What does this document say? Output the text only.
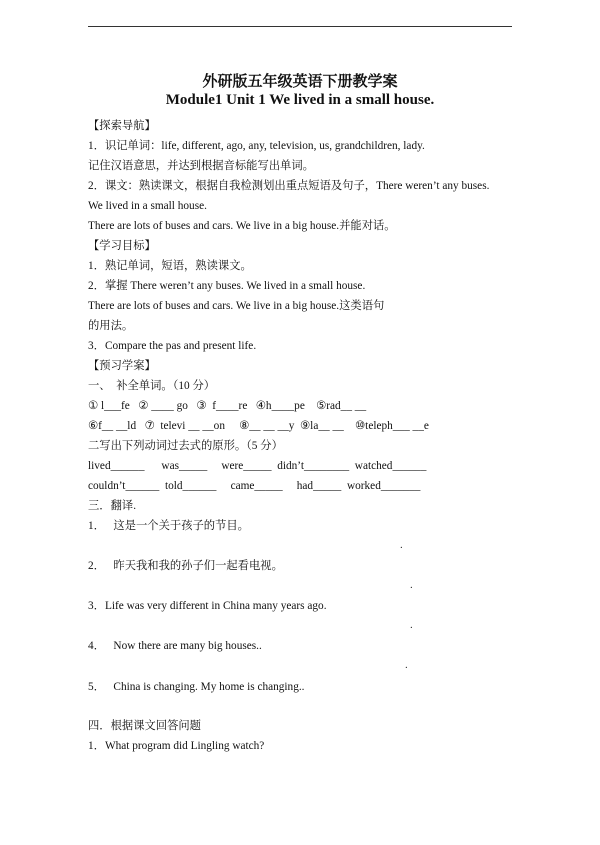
外研版五年级英语下册教学案
Module1 Unit 1 We lived in a small house.
【探索导航】
1．识记单词：life, different, ago, any, television, us, grandchildren, lady.
记住汉语意思，并达到根据音标能写出单词。
2．课文：熟读课文，根据自我检测划出重点短语及句子，There weren’t any buses.
We lived in a small house.
There are lots of buses and cars. We live in a big house.并能对话。
【学习目标】
1．熟记单词，短语，熟读课文。
2．掌握 There weren’t any buses. We lived in a small house.
There are lots of buses and cars. We live in a big house.这类语句
的用法。
3．Compare the pas and present life.
【预习学案】
一、  补全单词。（10 分）
① l___fe   ② ____ go   ③  f____re   ④h____pe    ⑤rad__ __
⑥f__ __ld   ⑦  televi __ __on     ⑧__ __ __y  ⑨la__ __    ⑩teleph___ __e
二写出下列动词过去式的原形。（5 分）
lived______      was_____     were_____  didn’t________  watched______
couldn’t______  told______     came_____     had_____  worked_______
三．翻译.
1．   这是一个关于孩子的节目。
.
2．   昨天我和我的孙子们一起看电视。
.
3．Life was very different in China many years ago.
.
4．   Now there are many big houses..
.
5．   China is changing. My home is changing..
四．根据课文回答问题
1．What program did Lingling watch?
